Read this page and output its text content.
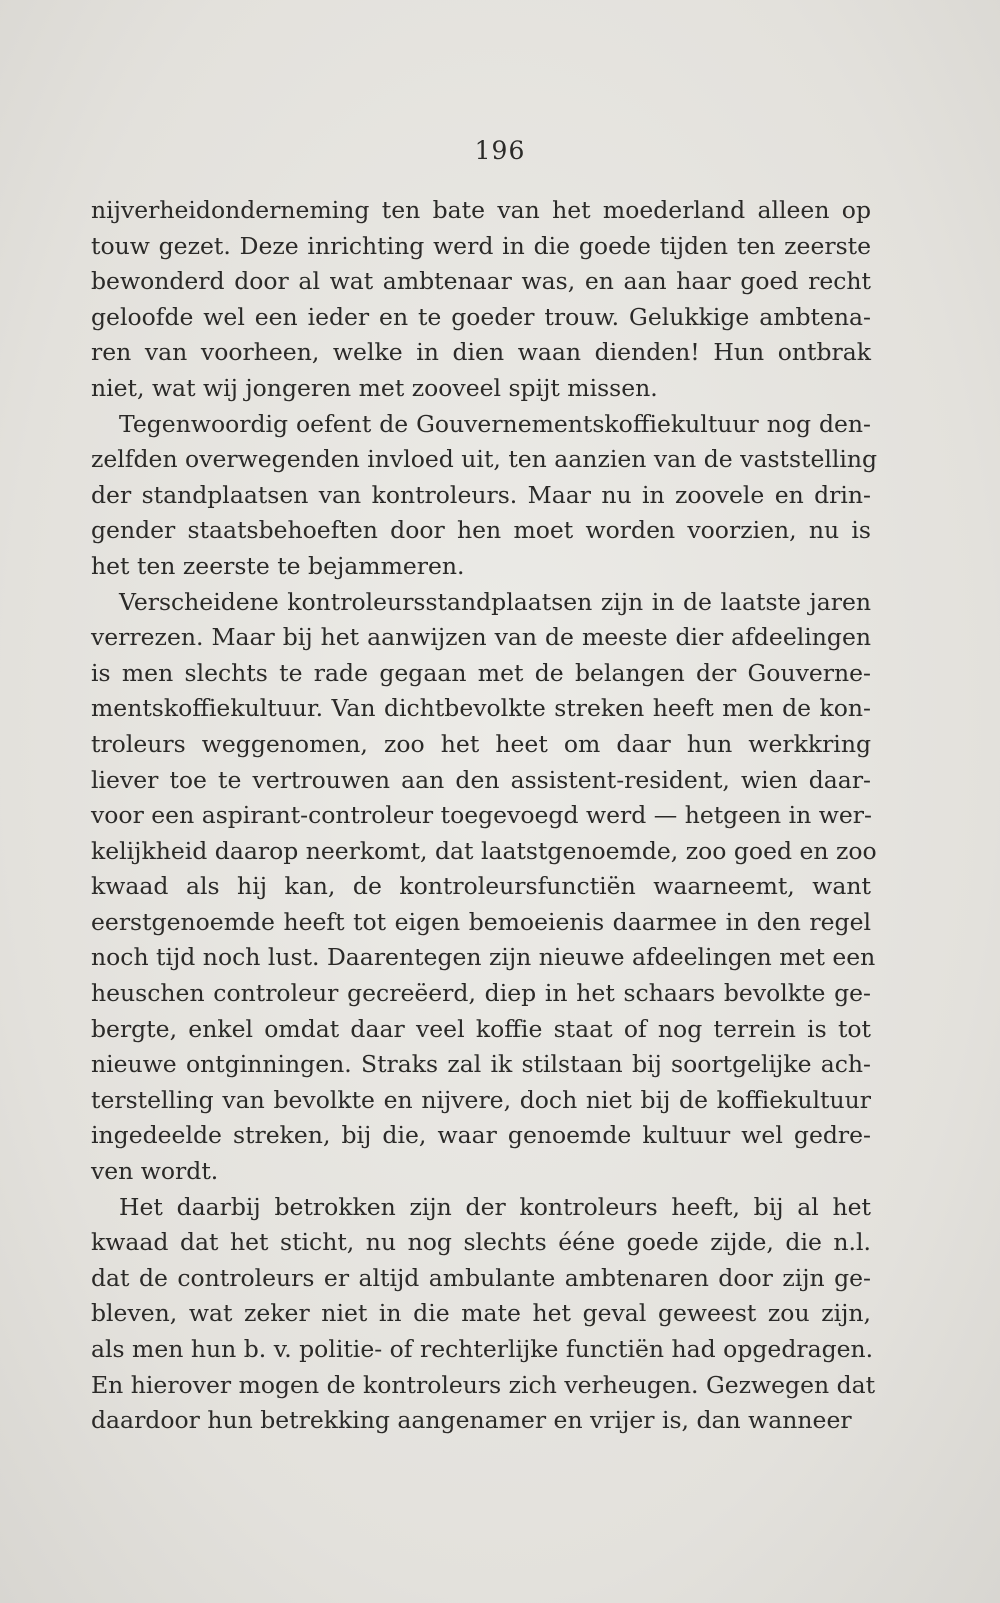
196
nijverheidonderneming ten bate van het moederland alleen op
touw gezet. Deze inrichting werd in die goede tijden ten zeerste
bewonderd door al wat ambtenaar was, en aan haar goed recht
geloofde wel een ieder en te goeder trouw. Gelukkige ambtena-
ren van voorheen, welke in dien waan dienden! Hun ontbrak
niet, wat wij jongeren met zooveel spijt missen.
Tegenwoordig oefent de Gouvernementskoffiekultuur nog den-
zelfden overwegenden invloed uit, ten aanzien van de vaststelling
der standplaatsen van kontroleurs. Maar nu in zoovele en drin-
gender staatsbehoeften door hen moet worden voorzien, nu is
het ten zeerste te bejammeren.
Verscheidene kontroleursstandplaatsen zijn in de laatste jaren
verrezen. Maar bij het aanwijzen van de meeste dier afdeelingen
is men slechts te rade gegaan met de belangen der Gouverne-
mentskoffiekultuur. Van dichtbevolkte streken heeft men de kon-
troleurs weggenomen, zoo het heet om daar hun werkkring
liever toe te vertrouwen aan den assistent-resident, wien daar-
voor een aspirant-controleur toegevoegd werd — hetgeen in wer-
kelijkheid daarop neerkomt, dat laatstgenoemde, zoo goed en zoo
kwaad als hij kan, de kontroleursfunctiën waarneemt, want
eerstgenoemde heeft tot eigen bemoeienis daarmee in den regel
noch tijd noch lust. Daarentegen zijn nieuwe afdeelingen met een
heuschen controleur gecreëerd, diep in het schaars bevolkte ge-
bergte, enkel omdat daar veel koffie staat of nog terrein is tot
nieuwe ontginningen. Straks zal ik stilstaan bij soortgelijke ach-
terstelling van bevolkte en nijvere, doch niet bij de koffiekultuur
ingedeelde streken, bij die, waar genoemde kultuur wel gedre-
ven wordt.
Het daarbij betrokken zijn der kontroleurs heeft, bij al het
kwaad dat het sticht, nu nog slechts ééne goede zijde, die n.l.
dat de controleurs er altijd ambulante ambtenaren door zijn ge-
bleven, wat zeker niet in die mate het geval geweest zou zijn,
als men hun b. v. politie- of rechterlijke functiën had opgedragen.
En hierover mogen de kontroleurs zich verheugen. Gezwegen dat
daardoor hun betrekking aangenamer en vrijer is, dan wanneer
